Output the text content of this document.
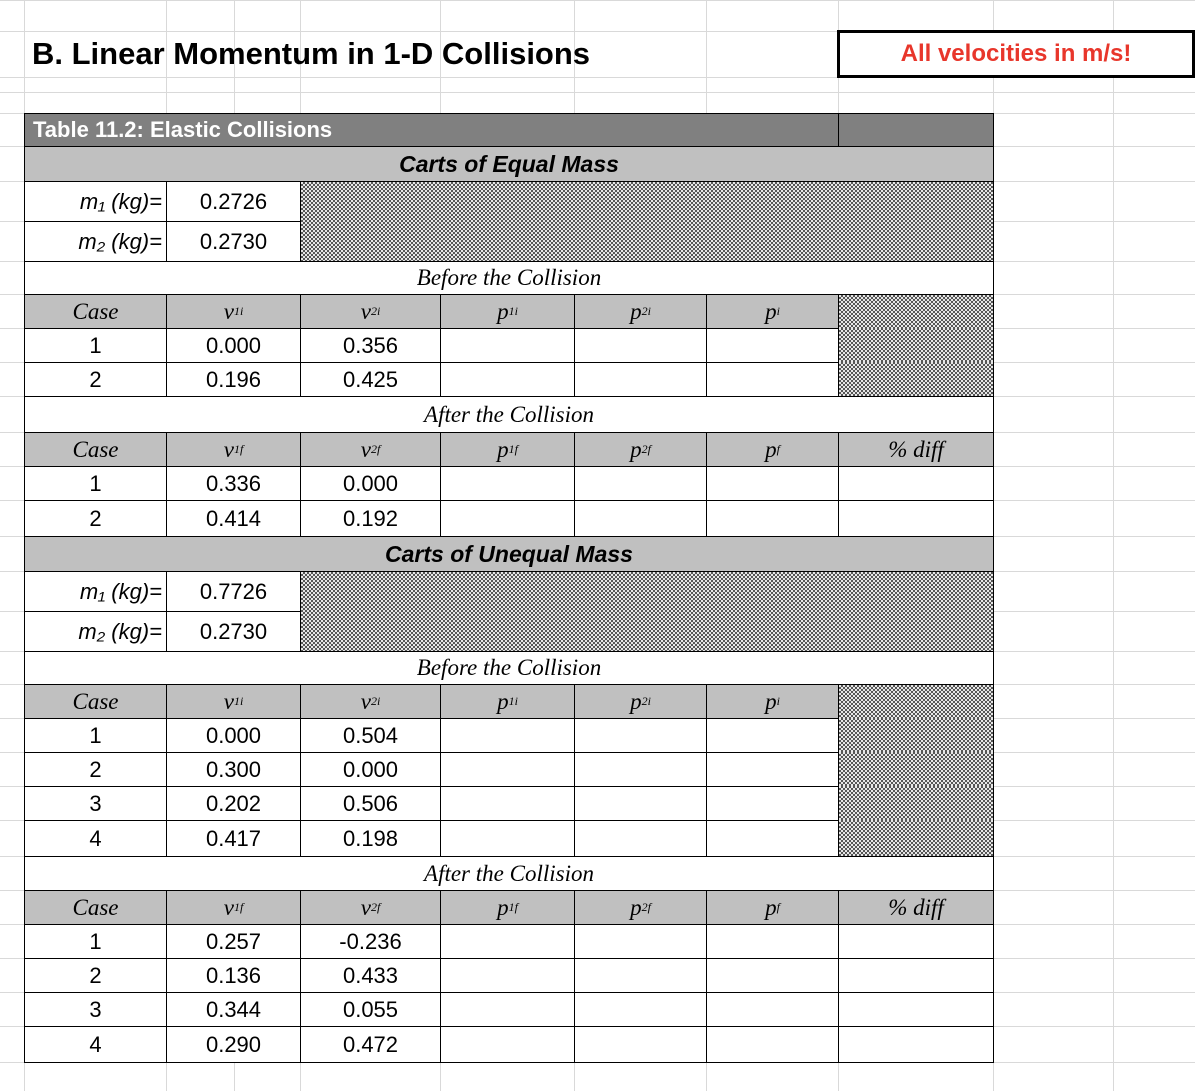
B. Linear Momentum in 1-D Collisions	All velocities in m/s!
Table 11.2: Elastic Collisions
Carts of Equal Mass
m₁ (kg)=	0.2726
m₂ (kg)=	0.2730
Before the Collision
Case	v 1i	v 2i	p 1i	p 2i	p i
1	0.000	0.356
2	0.196	0.425
After the Collision
Case	v 1f	v 2f	p 1f	p 2f	p f	% diff
1	0.336	0.000
2	0.414	0.192
Carts of Unequal Mass
m₁ (kg)=	0.7726
m₂ (kg)=	0.2730
Before the Collision
Case	v 1i	v 2i	p 1i	p 2i	p i
1	0.000	0.504
2	0.300	0.000
3	0.202	0.506
4	0.417	0.198
After the Collision
Case	v 1f	v 2f	p 1f	p 2f	p f	% diff
1	0.257	-0.236
2	0.136	0.433
3	0.344	0.055
4	0.290	0.472
